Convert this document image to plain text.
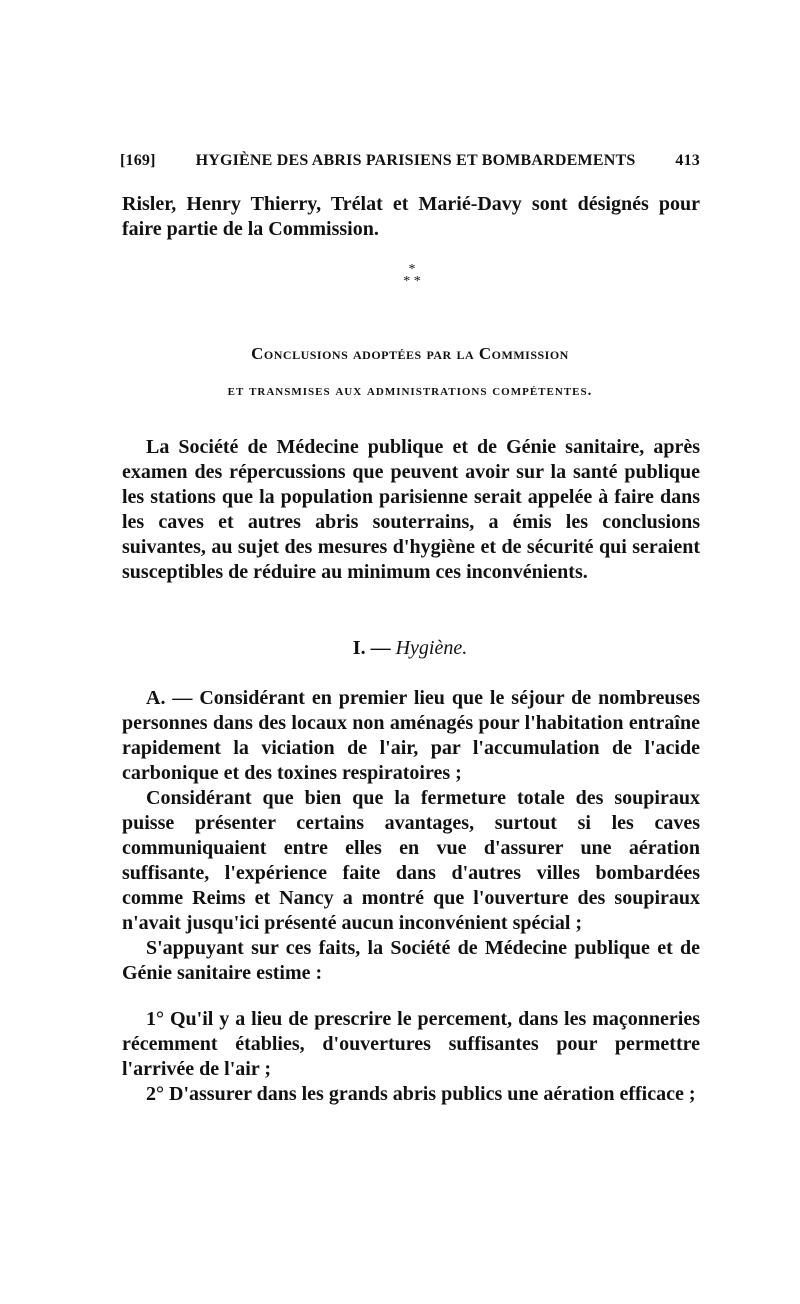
[169] HYGIÈNE DES ABRIS PARISIENS ET BOMBARDEMENTS 413

Risler, Henry Thierry, Trélat et Marié-Davy sont désignés pour faire partie de la Commission.

*
* *
Conclusions adoptées par la Commission
et transmises aux administrations compétentes.

La Société de Médecine publique et de Génie sanitaire, après examen des répercussions que peuvent avoir sur la santé publique les stations que la population parisienne serait appelée à faire dans les caves et autres abris souterrains, a émis les conclusions suivantes, au sujet des mesures d'hygiène et de sécurité qui seraient susceptibles de réduire au minimum ces inconvénients.

I. — Hygiène.

A. — Considérant en premier lieu que le séjour de nombreuses personnes dans des locaux non aménagés pour l'habitation entraîne rapidement la viciation de l'air, par l'accumulation de l'acide carbonique et des toxines respiratoires ;

Considérant que bien que la fermeture totale des soupiraux puisse présenter certains avantages, surtout si les caves communiquaient entre elles en vue d'assurer une aération suffisante, l'expérience faite dans d'autres villes bombardées comme Reims et Nancy a montré que l'ouverture des soupiraux n'avait jusqu'ici présenté aucun inconvénient spécial ;

S'appuyant sur ces faits, la Société de Médecine publique et de Génie sanitaire estime :

1° Qu'il y a lieu de prescrire le percement, dans les maçonneries récemment établies, d'ouvertures suffisantes pour permettre l'arrivée de l'air ;

2° D'assurer dans les grands abris publics une aération efficace ;
